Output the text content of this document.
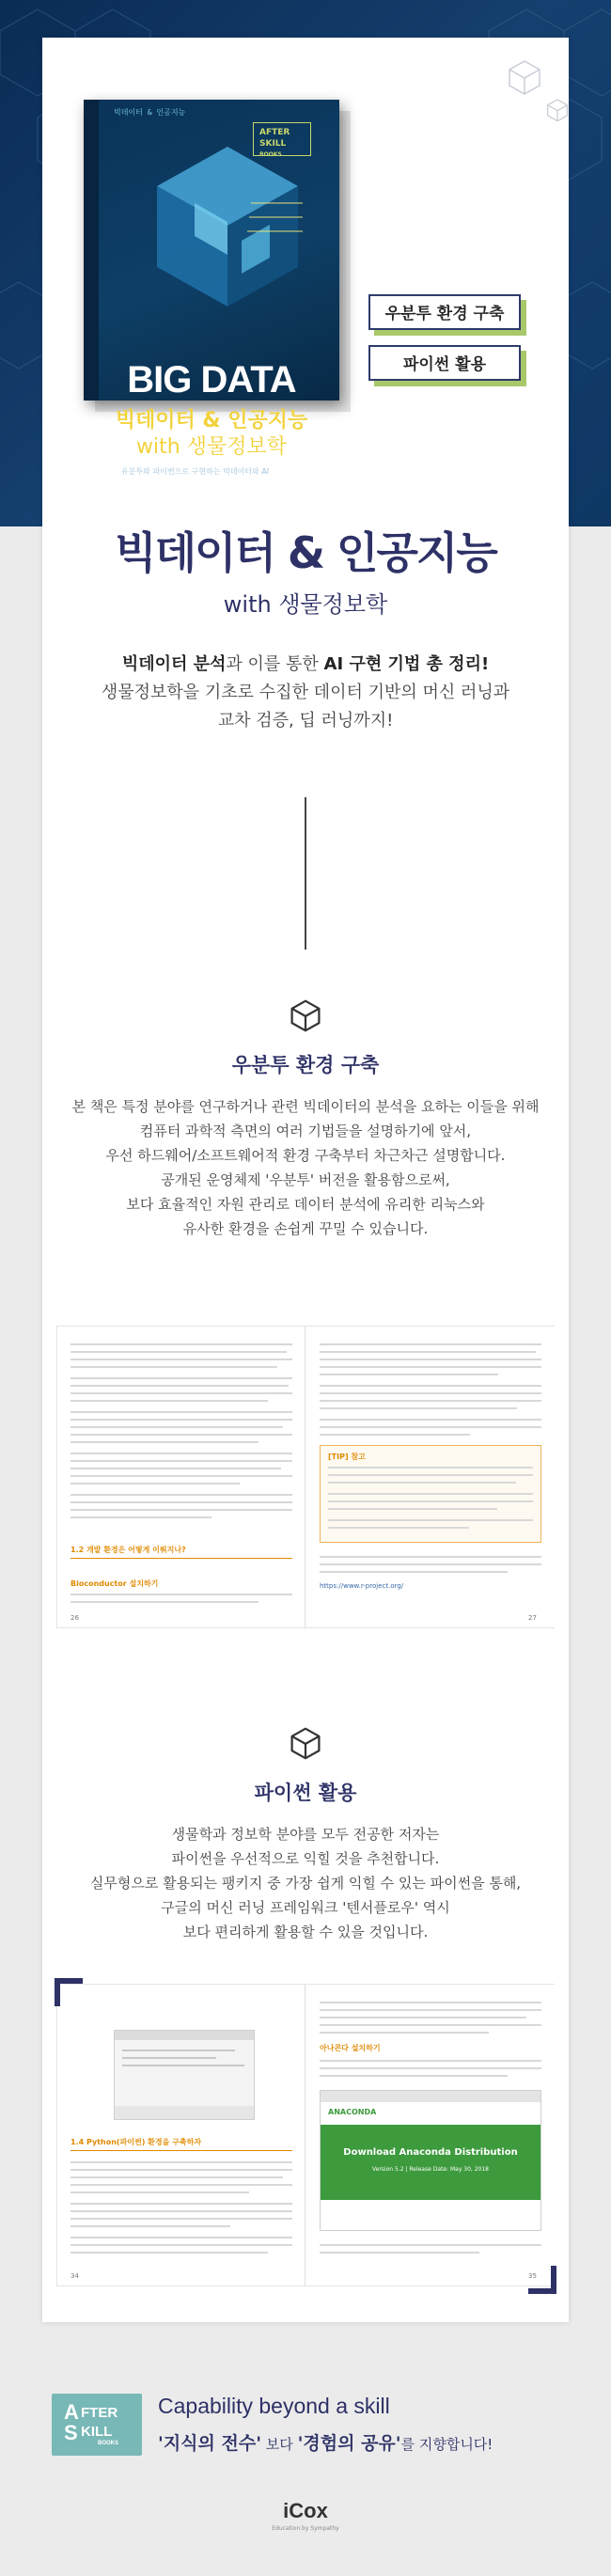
빅데이터 & 인공지능
AFTER
SKILL
BOOKS
BIG DATA
빅데이터 & 인공지능
with 생물정보학
유분투와 파이썬으로 구현하는 빅데이터와 AI
iCox
우분투 환경 구축
파이썬 활용
빅데이터 & 인공지능
with 생물정보학
빅데이터 분석과 이를 통한 AI 구현 기법 총 정리!
생물정보학을 기초로 수집한 데이터 기반의 머신 러닝과
교차 검증, 딥 러닝까지!
우분투 환경 구축
본 책은 특정 분야를 연구하거나 관련 빅데이터의 분석을 요하는 이들을 위해
컴퓨터 과학적 측면의 여러 기법들을 설명하기에 앞서,
우선 하드웨어/소프트웨어적 환경 구축부터 차근차근 설명합니다.
공개된 운영체제 '우분투' 버전을 활용함으로써,
보다 효율적인 자원 관리로 데이터 분석에 유리한 리눅스와
유사한 환경을 손쉽게 꾸밀 수 있습니다.
1.2 개발 환경은 어떻게 이뤄지나?
Bioconductor 설치하기
26
[TIP] 참고
https://www.r-project.org/
27
파이썬 활용
생물학과 정보학 분야를 모두 전공한 저자는
파이썬을 우선적으로 익힐 것을 추천합니다.
실무형으로 활용되는 팽키지 중 가장 쉽게 익힐 수 있는 파이썬을 통해,
구글의 머신 러닝 프레임워크 '텐서플로우' 역시
보다 편리하게 활용할 수 있을 것입니다.
1.4 Python(파이썬) 환경을 구축하자
34
아나콘다 설치하기
ANACONDA
Download Anaconda Distribution
Version 5.2 | Release Date: May 30, 2018
35
A FTER
S KILL
BOOKS
Capability beyond a skill
'지식의 전수' 보다 '경험의 공유'를 지향합니다!
iCox
Education by Sympathy
